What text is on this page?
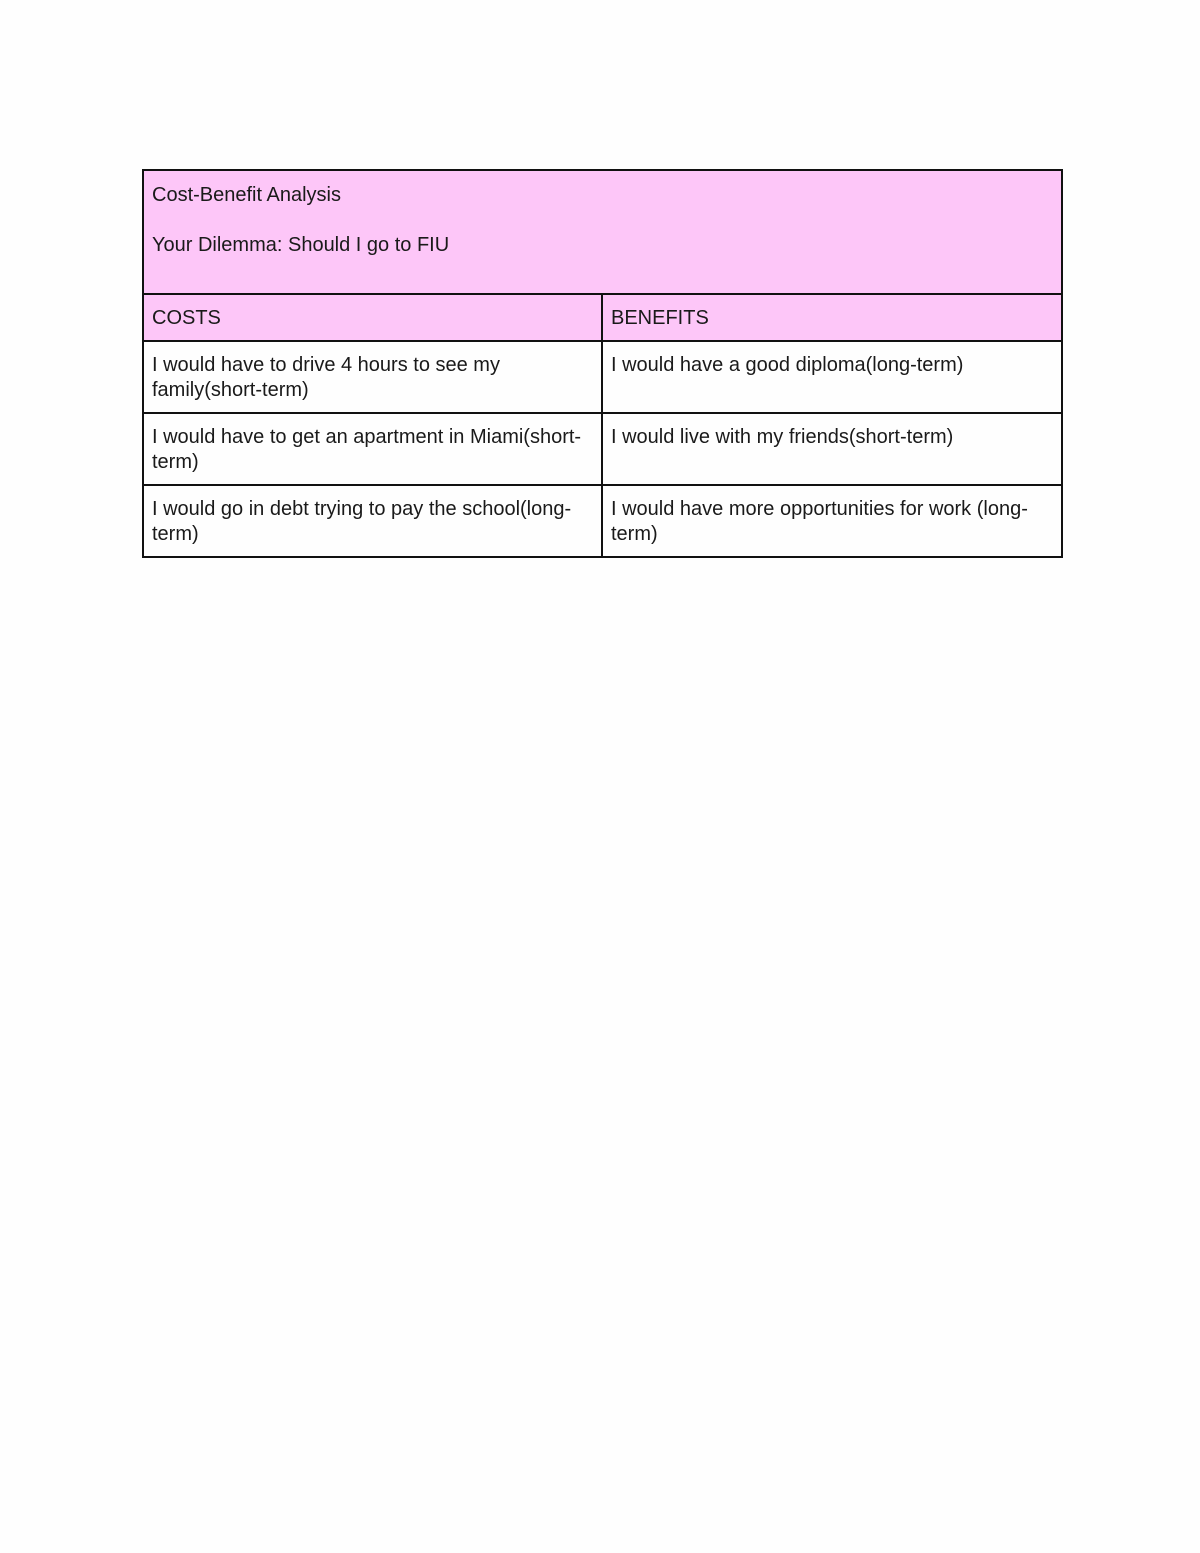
Cost-Benefit Analysis
Your Dilemma: Should I go to FIU	

COSTS	BENEFITS
I would have to drive 4 hours to see my family(short-term)	I would have a good diploma(long-term)
I would have to get an apartment in Miami(short-term)	I would live with my friends(short-term)
I would go in debt trying to pay the school(long-term)	I would have more opportunities for work (long-term)
